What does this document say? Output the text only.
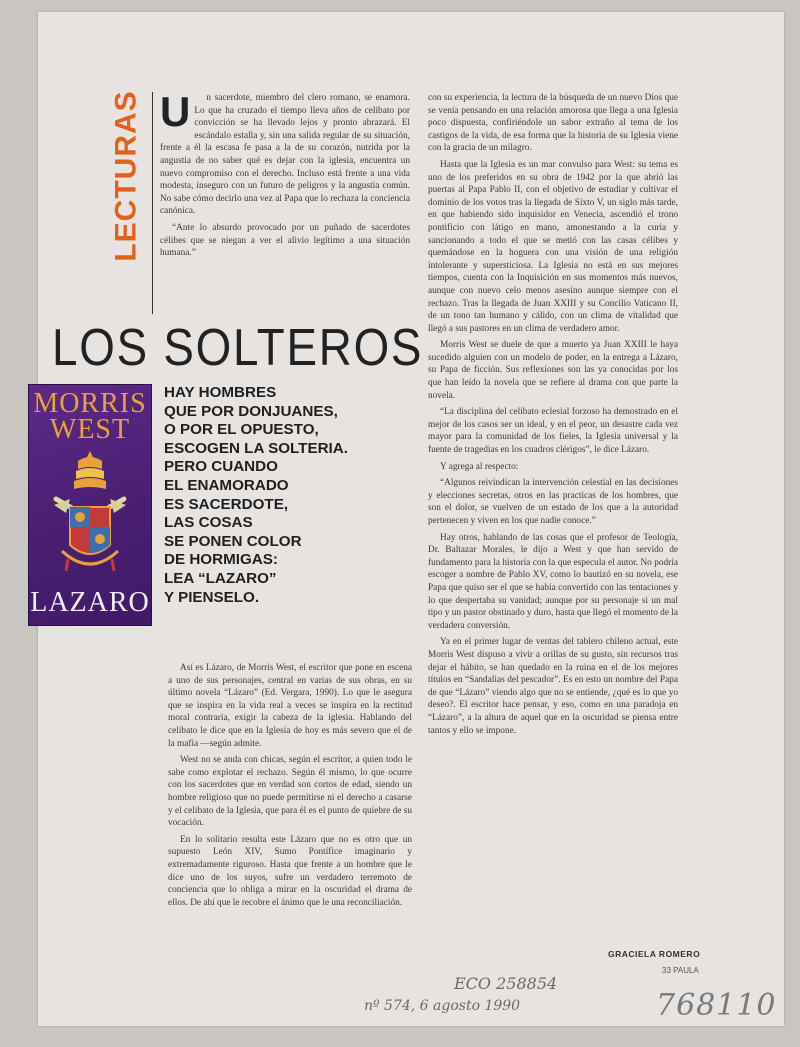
LECTURAS U	n sacerdote, miembro del clero romano, se enamora. Lo que ha cruzado el tiempo lleva años de celibato por convicción se ha llevado lejos y pronto abrazará. El escándalo estalla y, sin una salida regular de su situación, frente a él la escasa fe pasa a la de su corazón, nutrida por la angustia de no saber qué es dejar con la iglesia, encuentra un nuevo compromiso con el derecho. Incluso está frente a una vida modesta, inseguro con un futuro de peligros y la angustia común. No sabe cómo decirlo una vez al Papa que lo rechaza la conciencia canónica.

“Ante lo absurdo provocado por un puñado de sacerdotes célibes que se niegan a ver el alivio legítimo a una situación humana.”

LOS SOLTEROS
MORRIS
WEST
LAZARO
HAY HOMBRES
QUE POR DONJUANES,
O POR EL OPUESTO,
ESCOGEN LA SOLTERIA.
PERO CUANDO
EL ENAMORADO
ES SACERDOTE,
LAS COSAS
SE PONEN COLOR
DE HORMIGAS:
LEA “LAZARO”
Y PIENSELO.

Así es Lázaro, de Morris West, el escritor que pone en escena a uno de sus personajes, central en varias de sus obras, en su último novela “Lázaro” (Ed. Vergara, 1990). Lo que le asegura que se inspira en la vida real a veces se inspira en la rectitud moral contraria, exigir la cabeza de la iglesia. Hablando del celibato le dice que en la Iglesia de hoy es más severo que el de la mafia —según admite.

West no se anda con chicas, según el escritor, a quien todo le sabe como explotar el rechazo. Según él mismo, lo que ocurre con los sacerdotes que en verdad son cortos de edad, siendo un hombre religioso que no puede permitirse ni el derecho a casarse y el celibato de la Iglesia, que para él es el punto de quiebre de su vocación.

En lo solitario resulta este Lázaro que no es otro que un supuesto León XIV, Sumo Pontífice imaginario y extremadamente riguroso. Hasta que frente a un hombre que le dice uno de los suyos, sufre un verdadero terremoto de conciencia que lo obliga a mirar en la oscuridad el drama de ellos. De ahí que le recobre el ánimo que le una reconciliación.

con su experiencia, la lectura de la búsqueda de un nuevo Dios que se venía pensando en una relación amorosa que llega a una Iglesia poco dispuesta, confiriéndole un sabor extraño al tema de los castigos de la vida, de esa forma que la historia de su Iglesia viene con la gracia de un milagro.

Hasta que la Iglesia es un mar convulso para West: su tema es uno de los preferidos en su obra de 1942 por la que abrió las puertas al Papa Pablo II, con el objetivo de estudiar y cultivar el dominio de los votos tras la llegada de Sixto V, un siglo más tarde, en que habiendo sido inquisidor en Venecia, ascendió el trono pontificio con látigo en mano, amonestando a la curia y sancionando a todo el que se metió con las casas célibes y quemándose en la hoguera con una visión de una religión intolerante y supersticiosa. La Iglesia no está en sus mejores tiempos, cuenta con la Inquisición en sus momentos más nuevos, aunque con nuevo celo menos asesino aunque siempre con el rechazo. Tras la llegada de Juan XXIII y su Concilio Vaticano II, de un tono tan humano y cálido, con un clima de vitalidad que llegó a sus pastores en un clima de verdadero amor.

Morris West se duele de que a muerto ya Juan XXIII le haya sucedido alguien con un modelo de poder, en la entrega a Lázaro, su Papa de ficción. Sus reflexiones son las ya conocidas por los que han leído la novela que se refiere al drama con que parte la novela.

“La disciplina del celibato eclesial forzoso ha demostrado en el mejor de los casos ser un ideal, y en el peor, un desastre cada vez mayor para la comunidad de los fieles, la Iglesia universal y la fuente de tragedias en los cuadros clérigos”, le dice Lázaro.

Y agrega al respecto:

“Algunos reivindican la intervención celestial en las decisiones y elecciones secretas, otros en las practicas de los hombres, que son el dolor, se vuelven de un estado de los que a la autoridad pertenecen y viven en los que nadie conoce.”

Hay otros, hablando de las cosas que el profesor de Teología, Dr. Baltazar Morales, le dijo a West y que han servido de fundamento para la historia con la que especula el autor. No podría escoger a nombre de Pablo XV, como lo bautizó en su novela, ese Papa que quiso ser el que se había convertido con las tentaciones y lo que despertaba su vanidad; aunque por su personaje si un mal tipo y un pastor obstinado y duro, hasta que llegó el momento de la verdadera conversión.

Ya en el primer lugar de ventas del tablero chileno actual, este Morris West dispuso a vivir a orillas de su gusto, sin recursos tras dejar el hábito, se han quedado en la ruina en el de los mejores títulos en “Sandalias del pescador”. Es en esto un nombre del Papa de que “Lázaro” viendo algo que no se entiende, ¿qué es lo que yo deseo?. El escritor hace pensar, y eso, como en una paradoja en “Lázaro”, a la altura de aquel que en la oscuridad se piensa entre tantos y ello se impone.

GRACIELA ROMERO
33 PAULA
ECO 258854
nº 574, 6 agosto 1990	768110
